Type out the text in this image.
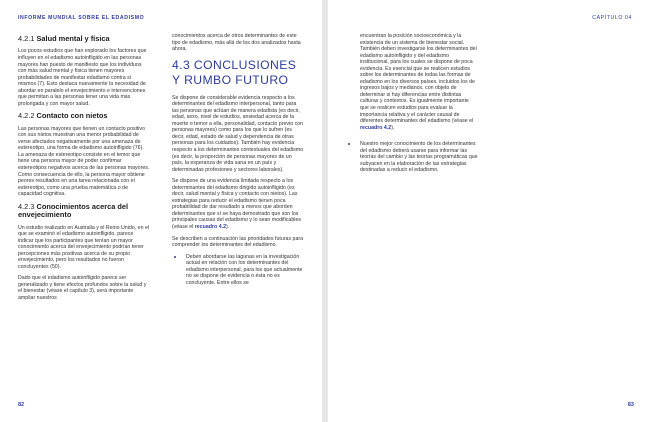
INFORME MUNDIAL SOBRE EL EDADISMO
4.2.1 Salud mental y física

Los pocos estudios que han explorado los factores que influyen en el edadismo autoinfligido en las personas mayores han puesto de manifiesto que los individuos con más salud mental y física tienen mayores probabilidades de manifestar edadismo contra sí mismos (7). Esto destaca nuevamente la necesidad de abordar en paralelo el envejecimiento e intervenciones que permitan a las personas tener una vida más prolongada y con mayor salud.

4.2.2 Contacto con nietos

Las personas mayores que tienen un contacto positivo con sus nietos muestran una menor probabilidad de verse afectados negativamente por una amenaza de estereotipo, una forma de edadismo autoinfligido (76). La amenaza de estereotipo consiste en el temor que tiene una persona mayor de poder confirmar estereotipos negativos acerca de las personas mayores. Como consecuencia de ello, la persona mayor obtiene peores resultados en una tarea relacionada con el estereotipo, como una prueba matemática o de capacidad cognitiva.

4.2.3 Conocimientos acerca del envejecimiento

Un estudio realizado en Australia y el Reino Unido, en el que se examinó el edadismo autoinfligido, parece indicar que los participantes que tenían un mayor conocimiento acerca del envejecimiento podrían tener percepciones más positivas acerca de su propio envejecimiento, pero los resultados no fueron concluyentes (50).

Dado que el edadismo autoinfligido parece ser generalizado y tiene efectos profundos sobre la salud y el bienestar (véase el capítulo 3), será importante ampliar nuestros

conocimientos acerca de otros determinantes de este tipo de edadismo, más allá de los dos analizados hasta ahora.

4.3 CONCLUSIONES Y RUMBO FUTURO

Se dispone de considerable evidencia respecto a los determinantes del edadismo interpersonal, tanto para las personas que actúan de manera edadista (es decir, edad, sexo, nivel de estudios, ansiedad acerca de la muerte o temor a ella, personalidad, contacto previo con personas mayores) como para los que lo sufren (es decir, edad, estado de salud y dependencia de otras personas para los cuidados). También hay evidencia respecto a los determinantes contextuales del edadismo (es decir, la proporción de personas mayores de un país, la esperanza de vida sana en un país y determinadas profesiones y sectores laborales).

Se dispone de una evidencia limitada respecto a los determinantes del edadismo dirigido autoinfligido (es decir, salud mental y física y contacto con nietos). Las estrategias para reducir el edadismo tienen poca probabilidad de dar resultado a menos que aborden determinantes que sí se haya demostrado que son los principales causas del edadismo y lo sean modificables (véase el recuadro 4.2).

Se describen a continuación las prioridades futuras para comprender los determinantes del edadismo.

Deben abordarse las lagunas en la investigación actual en relación con los determinantes del edadismo interpersonal, para los que actualmente no se dispone de evidencia o ésta no es concluyente. Entre ellos se
82
CAPÍTULO 04
encuentran la posición socioeconómica y la existencia de un sistema de bienestar social. También deben investigarse los determinantes del edadismo autoinfligido y del edadismo institucional, para los cuales se dispone de poca evidencia. Es esencial que se realicen estudios sobre los determinantes de todas las formas de edadismo en los diversos países, incluidos los de ingresos bajos y medianos, con objeto de determinar si hay diferencias entre distintas culturas y contextos. Es igualmente importante que se realicen estudios para evaluar la importancia relativa y el carácter causal de diferentes determinantes del edadismo (véase el recuadro 4.2).
Nuestro mejor conocimiento de los determinantes del edadismo deberá usarse para informar las teorías del cambio y las teorías programáticas que subyacen en la elaboración de las estrategias destinadas a reducir el edadismo.
83
